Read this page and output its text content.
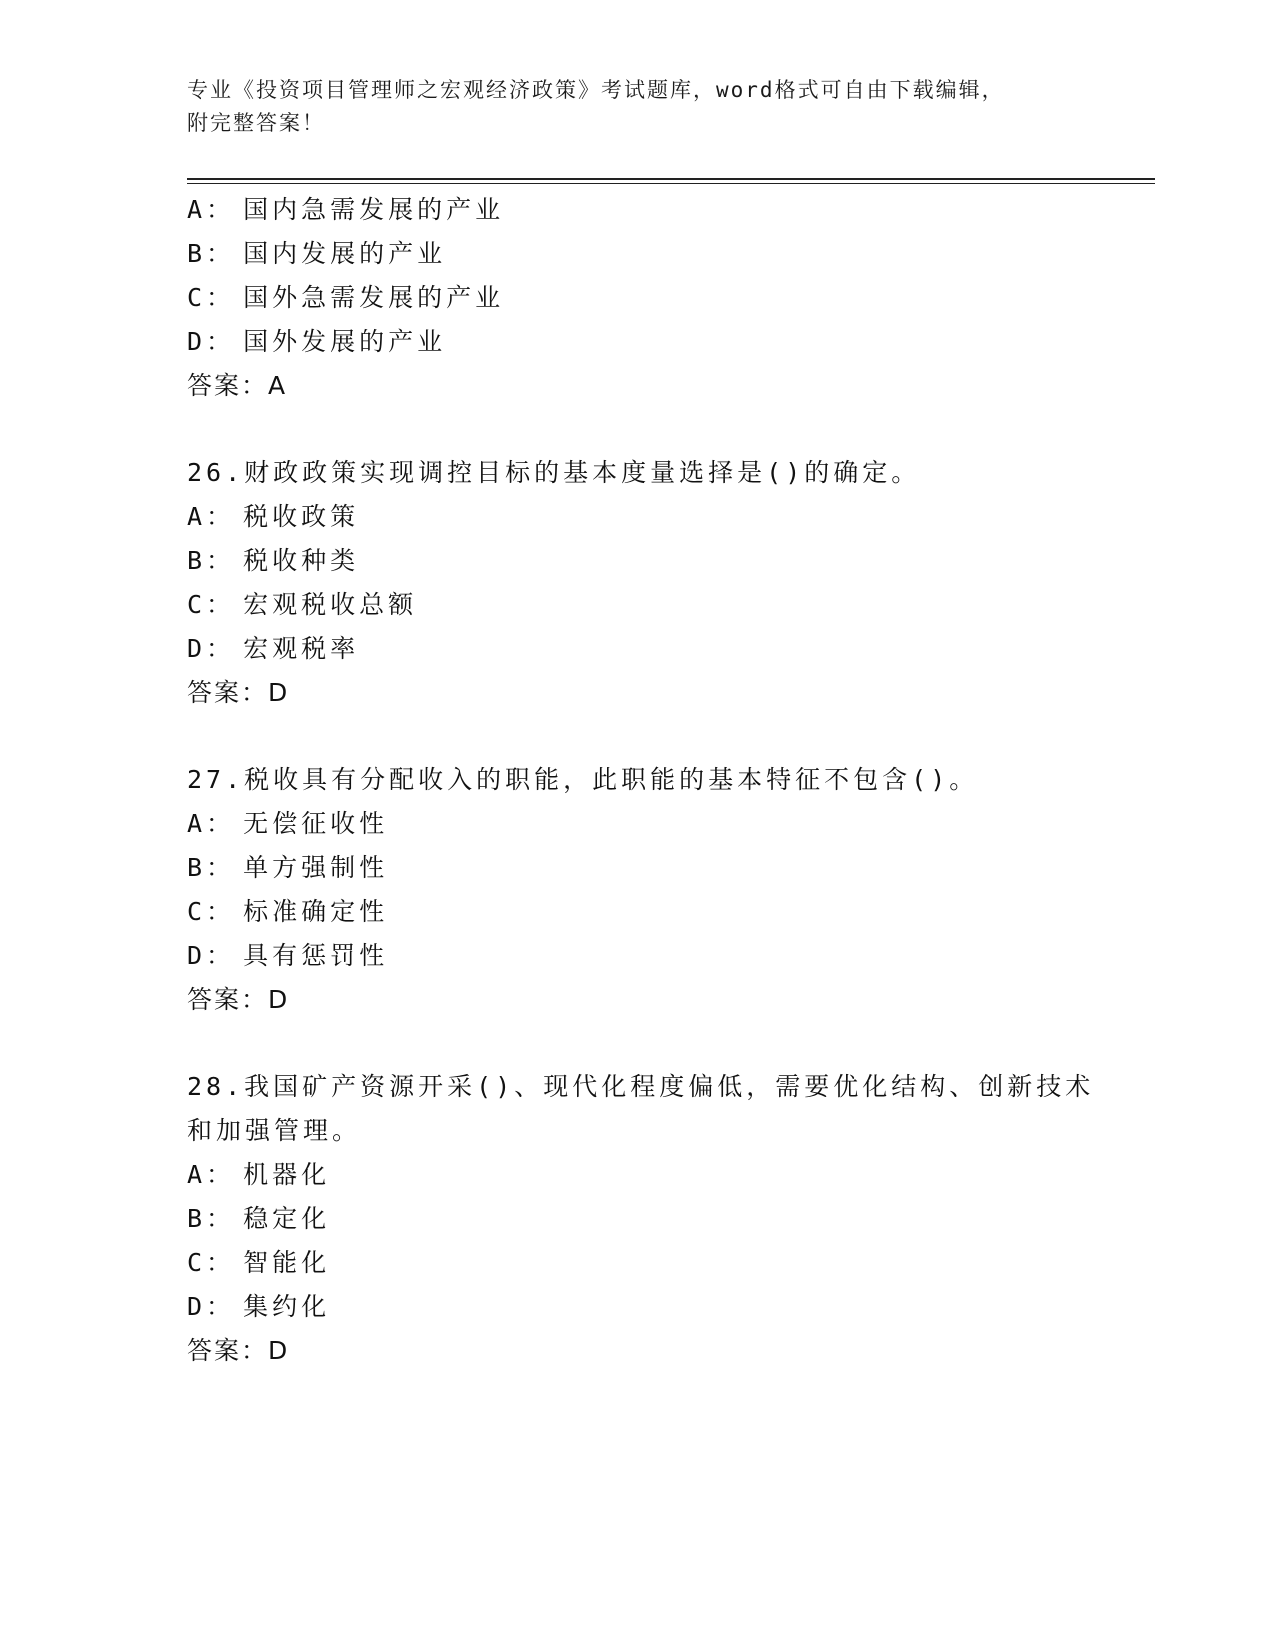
专业《投资项目管理师之宏观经济政策》考试题库，word格式可自由下载编辑，
附完整答案！
A： 国内急需发展的产业
B： 国内发展的产业
C： 国外急需发展的产业
D： 国外发展的产业
答案：A
26.财政政策实现调控目标的基本度量选择是()的确定。
A： 税收政策
B： 税收种类
C： 宏观税收总额
D： 宏观税率
答案：D
27.税收具有分配收入的职能，此职能的基本特征不包含()。
A： 无偿征收性
B： 单方强制性
C： 标准确定性
D： 具有惩罚性
答案：D
28.我国矿产资源开采()、现代化程度偏低，需要优化结构、创新技术
和加强管理。
A： 机器化
B： 稳定化
C： 智能化
D： 集约化
答案：D
